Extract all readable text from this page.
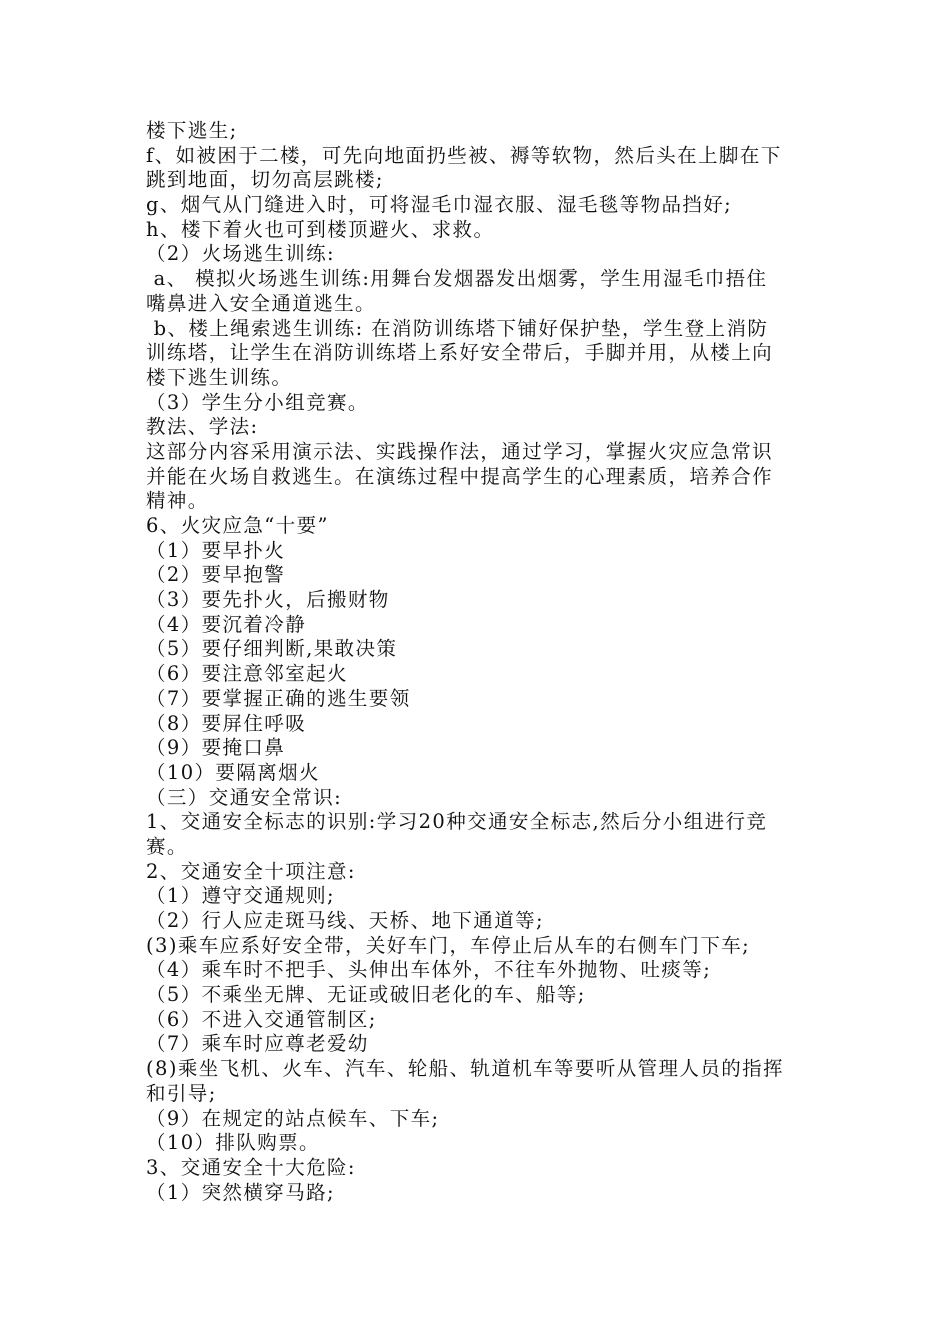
楼下逃生;
f、如被困于二楼，可先向地面扔些被、褥等软物，然后头在上脚在下
跳到地面，切勿高层跳楼;
g、烟气从门缝进入时，可将湿毛巾湿衣服、湿毛毯等物品挡好;
h、楼下着火也可到楼顶避火、求救。
（2）火场逃生训练:
a、 模拟火场逃生训练:用舞台发烟器发出烟雾，学生用湿毛巾捂住
嘴鼻进入安全通道逃生。
b、楼上绳索逃生训练: 在消防训练塔下铺好保护垫，学生登上消防
训练塔，让学生在消防训练塔上系好安全带后，手脚并用，从楼上向
楼下逃生训练。
（3）学生分小组竞赛。
教法、学法:
这部分内容采用演示法、实践操作法，通过学习，掌握火灾应急常识
并能在火场自救逃生。在演练过程中提高学生的心理素质，培养合作
精神。
6、火灾应急“十要”
（1）要早扑火
（2）要早抱警
（3）要先扑火，后搬财物
（4）要沉着冷静
（5）要仔细判断,果敢决策
（6）要注意邻室起火
（7）要掌握正确的逃生要领
（8）要屏住呼吸
（9）要掩口鼻
（10）要隔离烟火
（三）交通安全常识:
1、交通安全标志的识别:学习20种交通安全标志,然后分小组进行竞
赛。
2、交通安全十项注意:
（1）遵守交通规则;
（2）行人应走斑马线、天桥、地下通道等;
(3)乘车应系好安全带，关好车门，车停止后从车的右侧车门下车;
（4）乘车时不把手、头伸出车体外，不往车外抛物、吐痰等;
（5）不乘坐无牌、无证或破旧老化的车、船等;
（6）不进入交通管制区;
（7）乘车时应尊老爱幼
(8)乘坐飞机、火车、汽车、轮船、轨道机车等要听从管理人员的指挥
和引导;
（9）在规定的站点候车、下车;
（10）排队购票。
3、交通安全十大危险:
（1）突然横穿马路;
